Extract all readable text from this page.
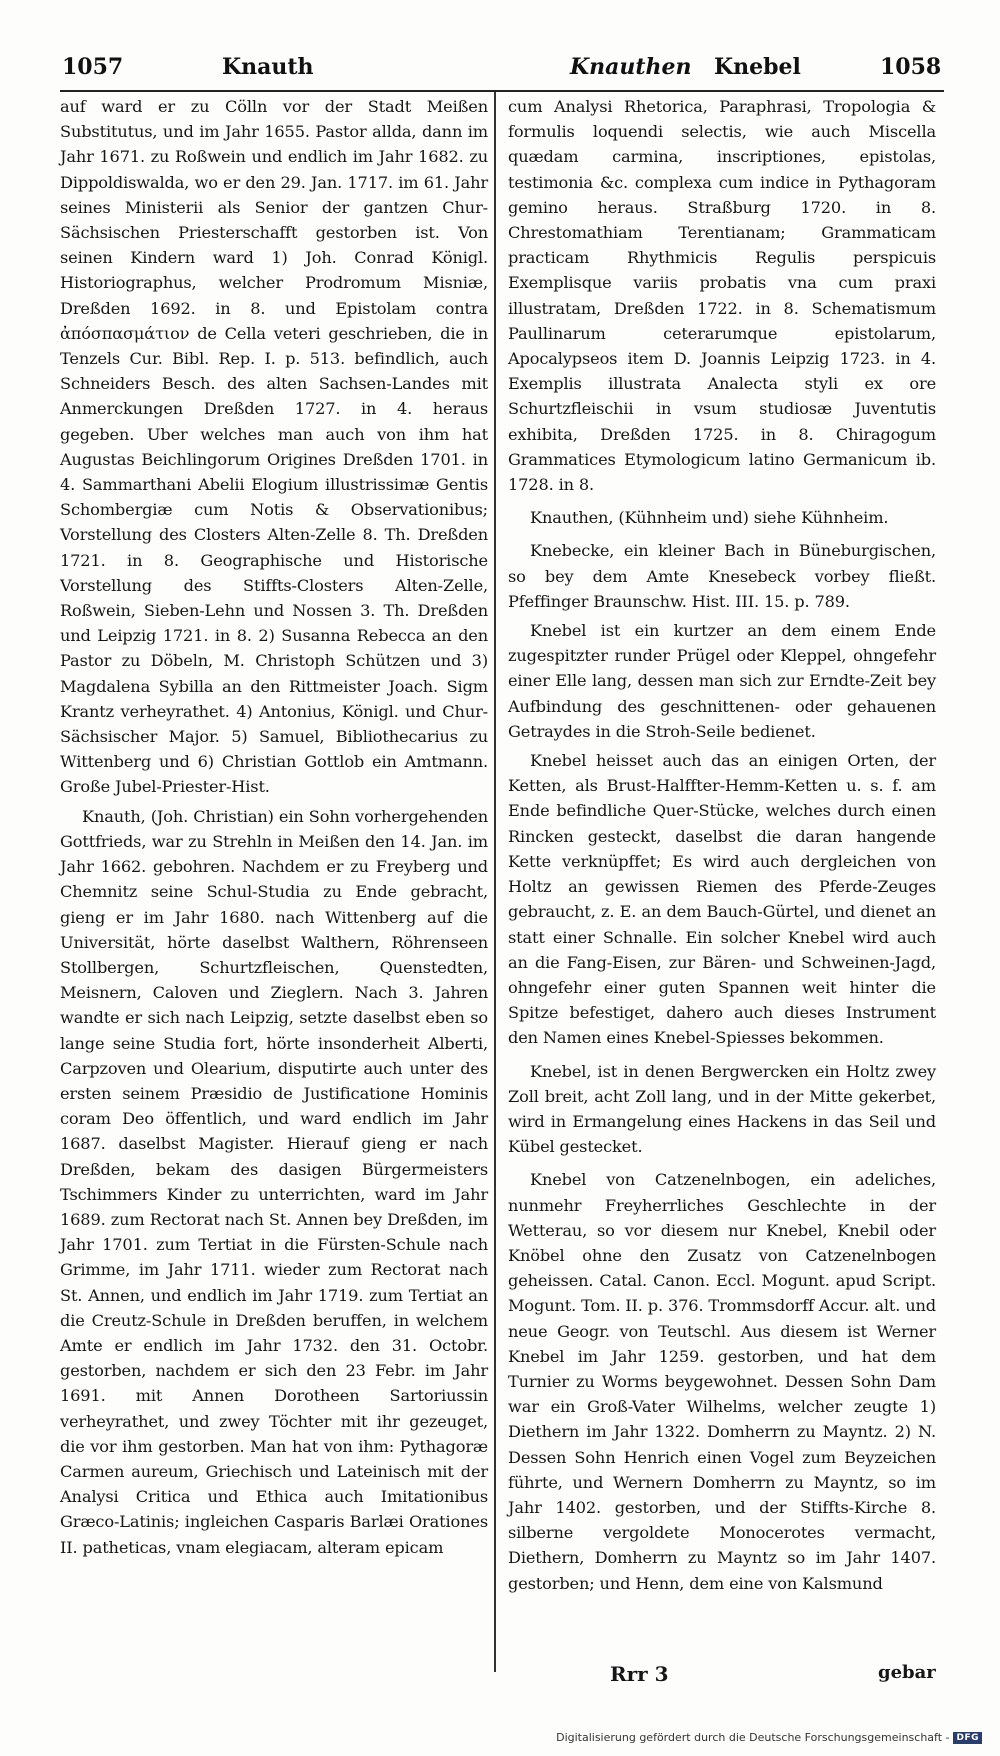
1057	Knauth	Knauthen Knebel	1058

auf ward er zu Cölln vor der Stadt Meißen Substitutus, und im Jahr 1655. Pastor allda, dann im Jahr 1671. zu Roßwein und endlich im Jahr 1682. zu Dippoldiswalda, wo er den 29. Jan. 1717. im 61. Jahr seines Ministerii als Senior der gantzen Chur-Sächsischen Priesterschafft gestorben ist. Von seinen Kindern ward 1) Joh. Conrad Königl. Historiographus, welcher Prodromum Misniæ, Dreßden 1692. in 8. und Epistolam contra ἀπόσπασμάτιον de Cella veteri geschrieben, die in Tenzels Cur. Bibl. Rep. I. p. 513. befindlich, auch Schneiders Besch. des alten Sachsen-Landes mit Anmerckungen Dreßden 1727. in 4. heraus gegeben. Uber welches man auch von ihm hat Augustas Beichlingorum Origines Dreßden 1701. in 4. Sammarthani Abelii Elogium illustrissimæ Gentis Schombergiæ cum Notis & Observationibus; Vorstellung des Closters Alten-Zelle 8. Th. Dreßden 1721. in 8. Geographische und Historische Vorstellung des Stiffts-Closters Alten-Zelle, Roßwein, Sieben-Lehn und Nossen 3. Th. Dreßden und Leipzig 1721. in 8. 2) Susanna Rebecca an den Pastor zu Döbeln, M. Christoph Schützen und 3) Magdalena Sybilla an den Rittmeister Joach. Sigm Krantz verheyrathet. 4) Antonius, Königl. und Chur-Sächsischer Major. 5) Samuel, Bibliothecarius zu Wittenberg und 6) Christian Gottlob ein Amtmann. Große Jubel-Priester-Hist.

Knauth, (Joh. Christian) ein Sohn vorhergehenden Gottfrieds, war zu Strehln in Meißen den 14. Jan. im Jahr 1662. gebohren. Nachdem er zu Freyberg und Chemnitz seine Schul-Studia zu Ende gebracht, gieng er im Jahr 1680. nach Wittenberg auf die Universität, hörte daselbst Walthern, Röhrenseen Stollbergen, Schurtzfleischen, Quenstedten, Meisnern, Caloven und Zieglern. Nach 3. Jahren wandte er sich nach Leipzig, setzte daselbst eben so lange seine Studia fort, hörte insonderheit Alberti, Carpzoven und Olearium, disputirte auch unter des ersten seinem Præsidio de Justificatione Hominis coram Deo öffentlich, und ward endlich im Jahr 1687. daselbst Magister. Hierauf gieng er nach Dreßden, bekam des dasigen Bürgermeisters Tschimmers Kinder zu unterrichten, ward im Jahr 1689. zum Rectorat nach St. Annen bey Dreßden, im Jahr 1701. zum Tertiat in die Fürsten-Schule nach Grimme, im Jahr 1711. wieder zum Rectorat nach St. Annen, und endlich im Jahr 1719. zum Tertiat an die Creutz-Schule in Dreßden beruffen, in welchem Amte er endlich im Jahr 1732. den 31. Octobr. gestorben, nachdem er sich den 23 Febr. im Jahr 1691. mit Annen Dorotheen Sartoriussin verheyrathet, und zwey Töchter mit ihr gezeuget, die vor ihm gestorben. Man hat von ihm: Pythagoræ Carmen aureum, Griechisch und Lateinisch mit der Analysi Critica und Ethica auch Imitationibus Græco-Latinis; ingleichen Casparis Barlæi Orationes II. patheticas, vnam elegiacam, alteram epicam

cum Analysi Rhetorica, Paraphrasi, Tropologia & formulis loquendi selectis, wie auch Miscella quædam carmina, inscriptiones, epistolas, testimonia &c. complexa cum indice in Pythagoram gemino heraus. Straßburg 1720. in 8. Chrestomathiam Terentianam; Grammaticam practicam Rhythmicis Regulis perspicuis Exemplisque variis probatis vna cum praxi illustratam, Dreßden 1722. in 8. Schematismum Paullinarum ceterarumque epistolarum, Apocalypseos item D. Joannis Leipzig 1723. in 4. Exemplis illustrata Analecta styli ex ore Schurtzfleischii in vsum studiosæ Juventutis exhibita, Dreßden 1725. in 8. Chiragogum Grammatices Etymologicum latino Germanicum ib. 1728. in 8.

Knauthen, (Kühnheim und) siehe Kühnheim.

Knebecke, ein kleiner Bach in Büneburgischen, so bey dem Amte Knesebeck vorbey fließt. Pfeffinger Braunschw. Hist. III. 15. p. 789.

Knebel ist ein kurtzer an dem einem Ende zugespitzter runder Prügel oder Kleppel, ohngefehr einer Elle lang, dessen man sich zur Erndte-Zeit bey Aufbindung des geschnittenen- oder gehauenen Getraydes in die Stroh-Seile bedienet.

Knebel heisset auch das an einigen Orten, der Ketten, als Brust-Halffter-Hemm-Ketten u. s. f. am Ende befindliche Quer-Stücke, welches durch einen Rincken gesteckt, daselbst die daran hangende Kette verknüpffet; Es wird auch dergleichen von Holtz an gewissen Riemen des Pferde-Zeuges gebraucht, z. E. an dem Bauch-Gürtel, und dienet an statt einer Schnalle. Ein solcher Knebel wird auch an die Fang-Eisen, zur Bären- und Schweinen-Jagd, ohngefehr einer guten Spannen weit hinter die Spitze befestiget, dahero auch dieses Instrument den Namen eines Knebel-Spiesses bekommen.

Knebel, ist in denen Bergwercken ein Holtz zwey Zoll breit, acht Zoll lang, und in der Mitte gekerbet, wird in Ermangelung eines Hackens in das Seil und Kübel gestecket.

Knebel von Catzenelnbogen, ein adeliches, nunmehr Freyherrliches Geschlechte in der Wetterau, so vor diesem nur Knebel, Knebil oder Knöbel ohne den Zusatz von Catzenelnbogen geheissen. Catal. Canon. Eccl. Mogunt. apud Script. Mogunt. Tom. II. p. 376. Trommsdorff Accur. alt. und neue Geogr. von Teutschl. Aus diesem ist Werner Knebel im Jahr 1259. gestorben, und hat dem Turnier zu Worms beygewohnet. Dessen Sohn Dam war ein Groß-Vater Wilhelms, welcher zeugte 1) Diethern im Jahr 1322. Domherrn zu Mayntz. 2) N. Dessen Sohn Henrich einen Vogel zum Beyzeichen führte, und Wernern Domherrn zu Mayntz, so im Jahr 1402. gestorben, und der Stiffts-Kirche 8. silberne vergoldete Monocerotes vermacht, Diethern, Domherrn zu Mayntz so im Jahr 1407. gestorben; und Henn, dem eine von Kalsmund

Rrr 3	gebar
Digitalisierung gefördert durch die Deutsche Forschungsgemeinschaft - DFG
